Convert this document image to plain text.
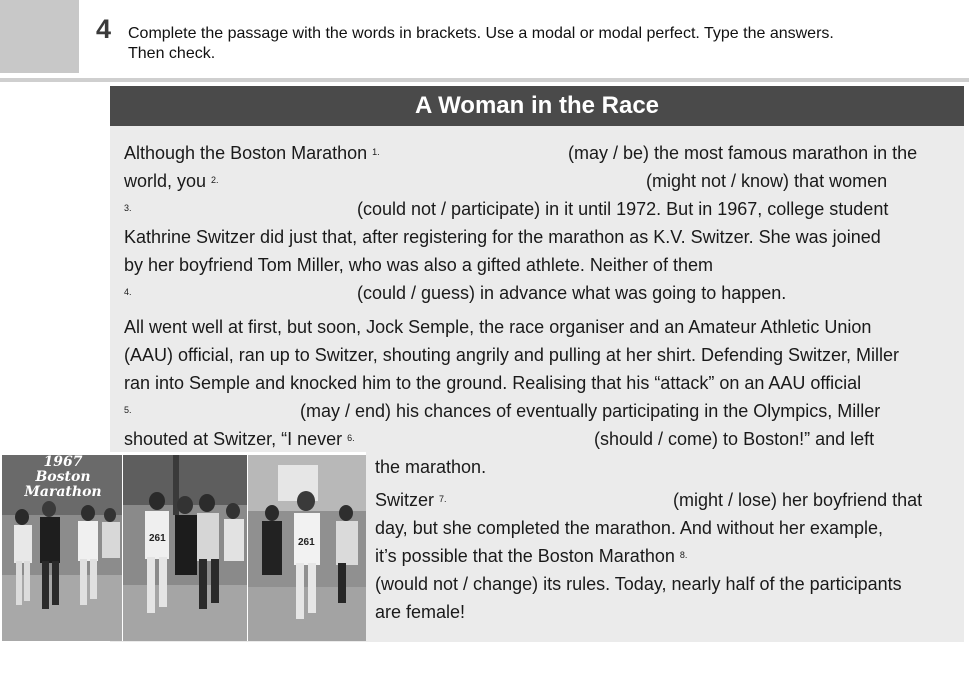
4 Complete the passage with the words in brackets. Use a modal or modal perfect. Type the answers.
Then check.
A Woman in the Race
Although the Boston Marathon $^{1.}$	(may / be) the most famous marathon in the
world, you $^{2.}$	(might not / know) that women
$^{3.}$	(could not / participate) in it until 1972. But in 1967, college student
Kathrine Switzer did just that, after registering for the marathon as K.V. Switzer. She was joined
by her boyfriend Tom Miller, who was also a gifted athlete. Neither of them
$^{4.}$	(could / guess) in advance what was going to happen.
All went well at first, but soon, Jock Semple, the race organiser and an Amateur Athletic Union
(AAU) official, ran up to Switzer, shouting angrily and pulling at her shirt. Defending Switzer, Miller
ran into Semple and knocked him to the ground. Realising that his “attack” on an AAU official
$^{5.}$	(may / end) his chances of eventually participating in the Olympics, Miller
shouted at Switzer, “I never $^{6.}$	(should / come) to Boston!” and left
the marathon.
Switzer $^{7.}$	(might / lose) her boyfriend that
day, but she completed the marathon. And without her example,
it’s possible that the Boston Marathon $^{8.}$
(would not / change) its rules. Today, nearly half of the participants
are female!
1967
Boston Marathon
261	261
